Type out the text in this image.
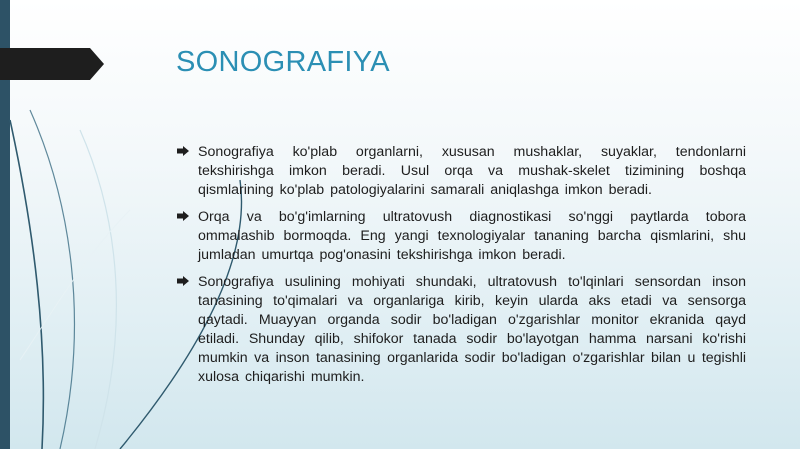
SONOGRAFIYA
Sonografiya ko'plab organlarni, xususan mushaklar, suyaklar, tendonlarni tekshirishga imkon beradi. Usul orqa va mushak-skelet tizimining boshqa qismlarining ko'plab patologiyalarini samarali aniqlashga imkon beradi.
Orqa va bo'g'imlarning ultratovush diagnostikasi so'nggi paytlarda tobora ommalashib bormoqda. Eng yangi texnologiyalar tananing barcha qismlarini, shu jumladan umurtqa pog'onasini tekshirishga imkon beradi.
Sonografiya usulining mohiyati shundaki, ultratovush to'lqinlari sensordan inson tanasining to'qimalari va organlariga kirib, keyin ularda aks etadi va sensorga qaytadi. Muayyan organda sodir bo'ladigan o'zgarishlar monitor ekranida qayd etiladi. Shunday qilib, shifokor tanada sodir bo'layotgan hamma narsani ko'rishi mumkin va inson tanasining organlarida sodir bo'ladigan o'zgarishlar bilan u tegishli xulosa chiqarishi mumkin.
